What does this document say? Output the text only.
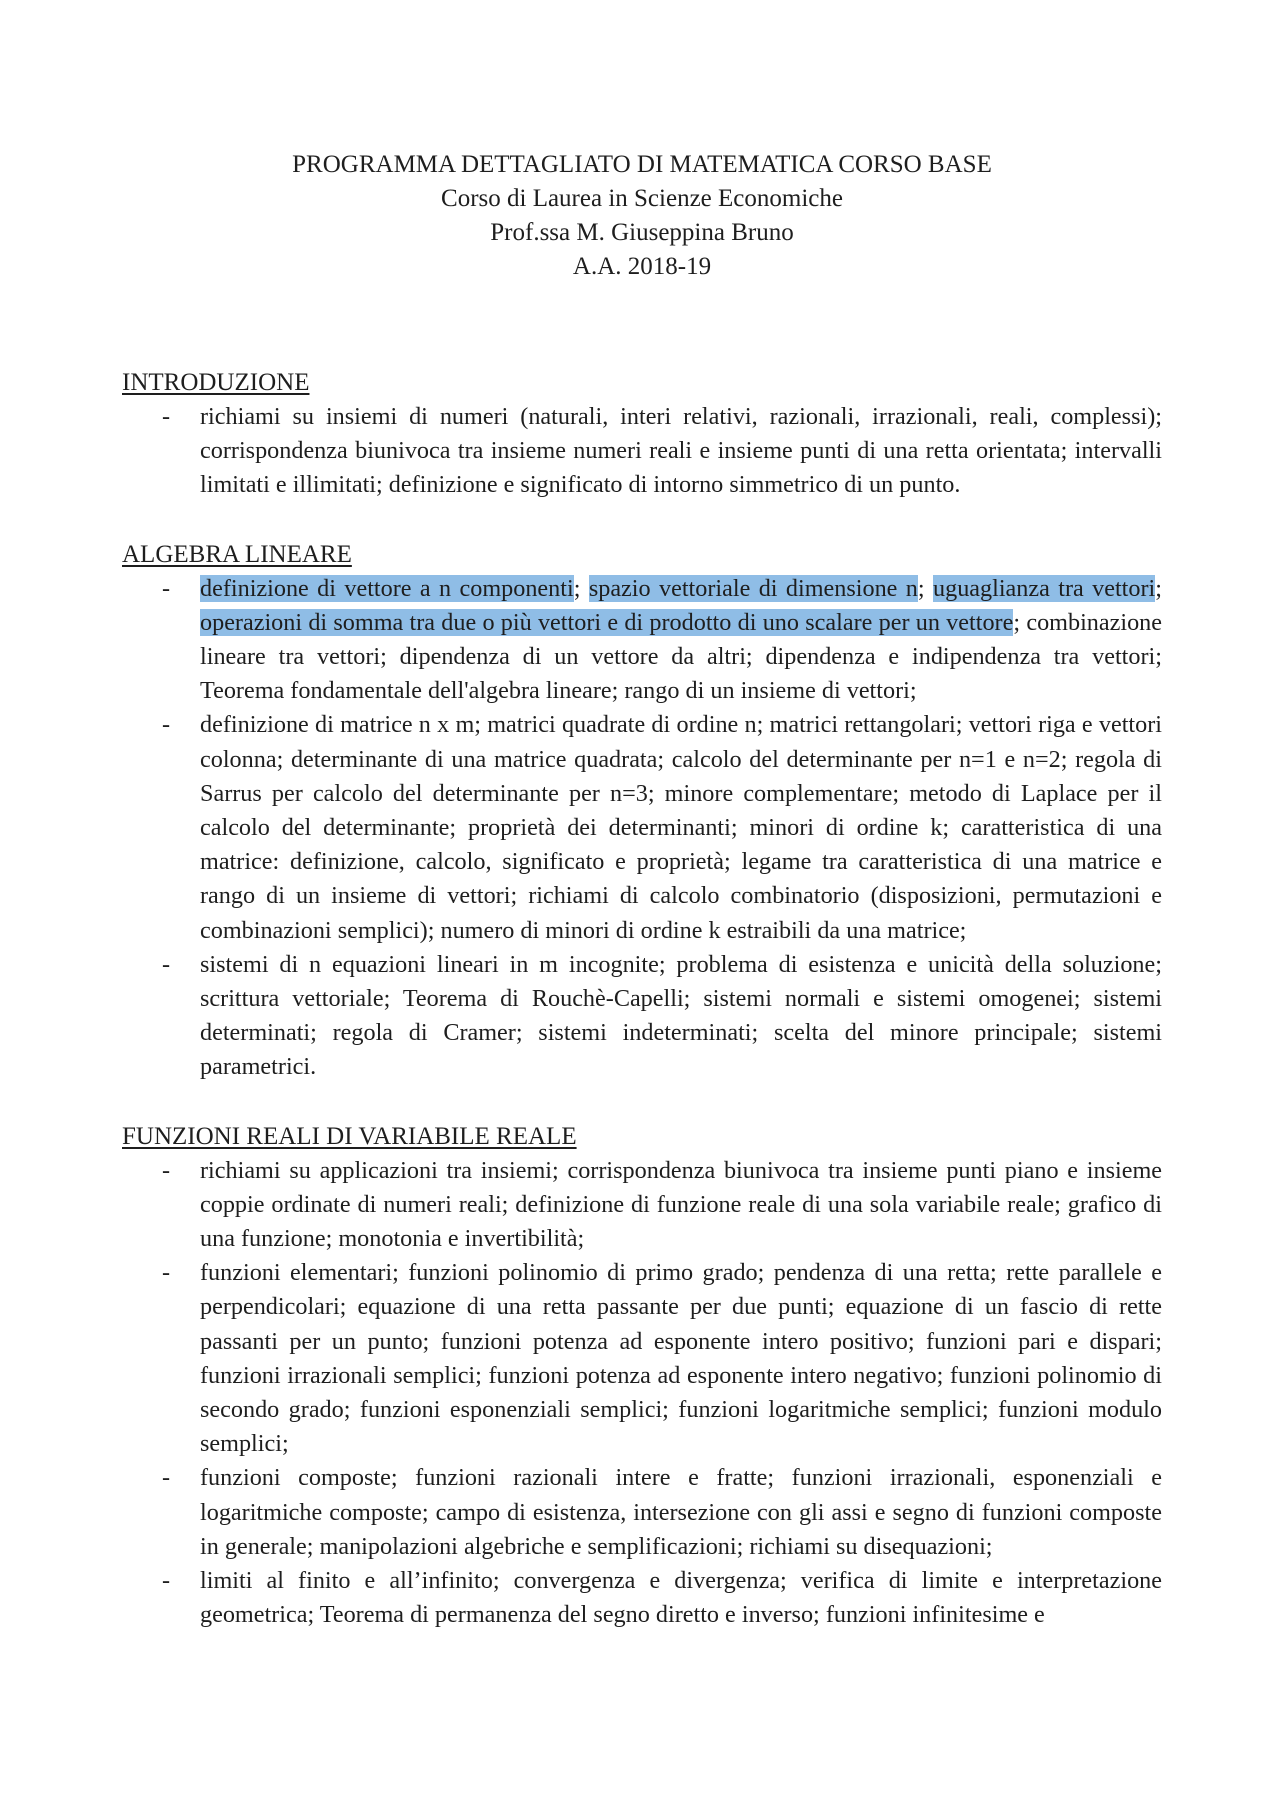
PROGRAMMA DETTAGLIATO DI MATEMATICA CORSO BASE
Corso di Laurea in Scienze Economiche
Prof.ssa M. Giuseppina Bruno
A.A. 2018-19
INTRODUZIONE
- richiami su insiemi di numeri (naturali, interi relativi, razionali, irrazionali, reali, complessi); corrispondenza biunivoca tra insieme numeri reali e insieme punti di una retta orientata; intervalli limitati e illimitati; definizione e significato di intorno simmetrico di un punto.
ALGEBRA LINEARE
- definizione di vettore a n componenti; spazio vettoriale di dimensione n; uguaglianza tra vettori; operazioni di somma tra due o più vettori e di prodotto di uno scalare per un vettore; combinazione lineare tra vettori; dipendenza di un vettore da altri; dipendenza e indipendenza tra vettori; Teorema fondamentale dell'algebra lineare; rango di un insieme di vettori;
- definizione di matrice n x m; matrici quadrate di ordine n; matrici rettangolari; vettori riga e vettori colonna; determinante di una matrice quadrata; calcolo del determinante per n=1 e n=2; regola di Sarrus per calcolo del determinante per n=3; minore complementare; metodo di Laplace per il calcolo del determinante; proprietà dei determinanti; minori di ordine k; caratteristica di una matrice: definizione, calcolo, significato e proprietà; legame tra caratteristica di una matrice e rango di un insieme di vettori; richiami di calcolo combinatorio (disposizioni, permutazioni e combinazioni semplici); numero di minori di ordine k estraibili da una matrice;
- sistemi di n equazioni lineari in m incognite; problema di esistenza e unicità della soluzione; scrittura vettoriale; Teorema di Rouchè-Capelli; sistemi normali e sistemi omogenei; sistemi determinati; regola di Cramer; sistemi indeterminati; scelta del minore principale; sistemi parametrici.
FUNZIONI REALI DI VARIABILE REALE
- richiami su applicazioni tra insiemi; corrispondenza biunivoca tra insieme punti piano e insieme coppie ordinate di numeri reali; definizione di funzione reale di una sola variabile reale; grafico di una funzione; monotonia e invertibilità;
- funzioni elementari; funzioni polinomio di primo grado; pendenza di una retta; rette parallele e perpendicolari; equazione di una retta passante per due punti; equazione di un fascio di rette passanti per un punto; funzioni potenza ad esponente intero positivo; funzioni pari e dispari; funzioni irrazionali semplici; funzioni potenza ad esponente intero negativo; funzioni polinomio di secondo grado; funzioni esponenziali semplici; funzioni logaritmiche semplici; funzioni modulo semplici;
- funzioni composte; funzioni razionali intere e fratte; funzioni irrazionali, esponenziali e logaritmiche composte; campo di esistenza, intersezione con gli assi e segno di funzioni composte in generale; manipolazioni algebriche e semplificazioni; richiami su disequazioni;
- limiti al finito e all’infinito; convergenza e divergenza; verifica di limite e interpretazione geometrica; Teorema di permanenza del segno diretto e inverso; funzioni infinitesime e
